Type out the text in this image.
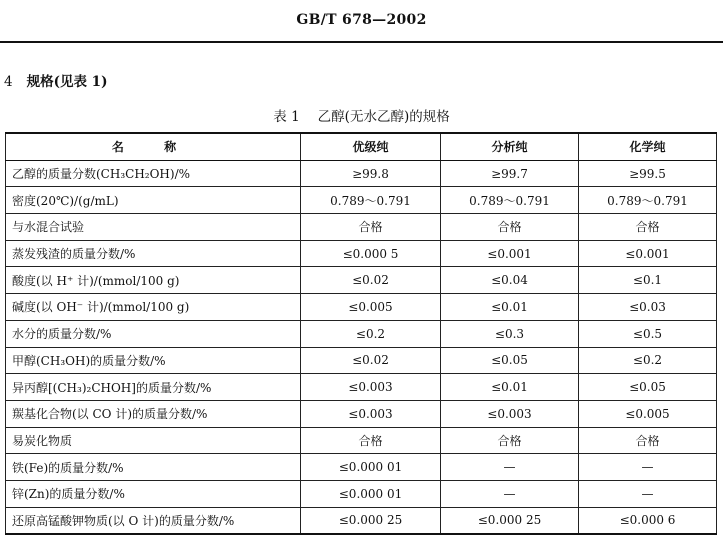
GB/T 678—2002
4 规格(见表 1)
表 1 乙醇(无水乙醇)的规格
名 称	优级纯	分析纯	化学纯
乙醇的质量分数(CH₃CH₂OH)/%	≥99.8	≥99.7	≥99.5
密度(20℃)/(g/mL)	0.789～0.791	0.789～0.791	0.789～0.791
与水混合试验	合格	合格	合格
蒸发残渣的质量分数/%	≤0.000 5	≤0.001	≤0.001
酸度(以 H⁺ 计)/(mmol/100 g)	≤0.02	≤0.04	≤0.1
碱度(以 OH⁻ 计)/(mmol/100 g)	≤0.005	≤0.01	≤0.03
水分的质量分数/%	≤0.2	≤0.3	≤0.5
甲醇(CH₃OH)的质量分数/%	≤0.02	≤0.05	≤0.2
异丙醇[(CH₃)₂CHOH]的质量分数/%	≤0.003	≤0.01	≤0.05
羰基化合物(以 CO 计)的质量分数/%	≤0.003	≤0.003	≤0.005
易炭化物质	合格	合格	合格
铁(Fe)的质量分数/%	≤0.000 01	—	—
锌(Zn)的质量分数/%	≤0.000 01	—	—
还原高锰酸钾物质(以 O 计)的质量分数/%	≤0.000 25	≤0.000 25	≤0.000 6
